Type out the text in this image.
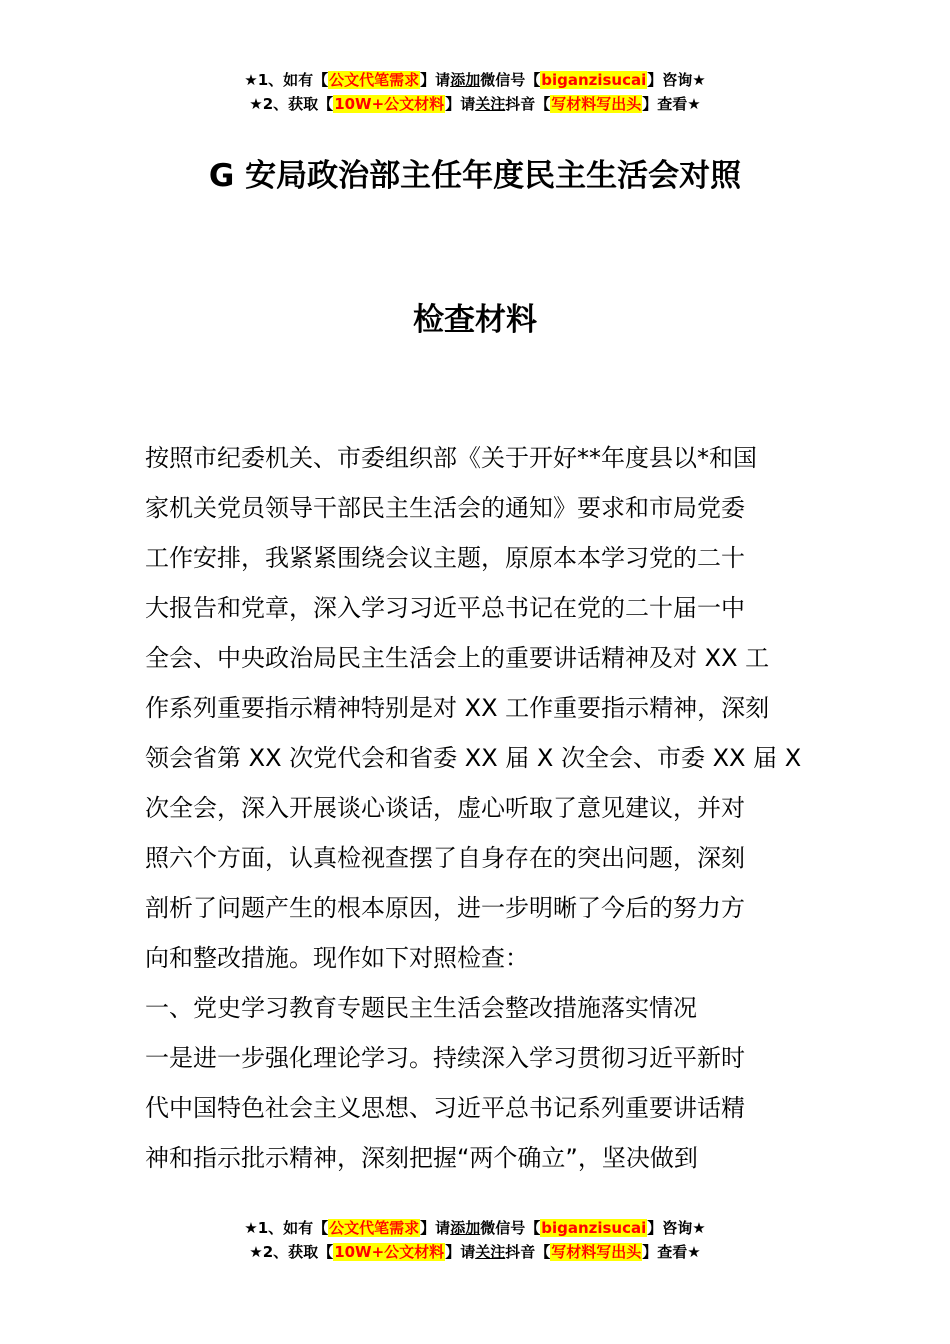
★1、如有【公文代笔需求】请添加微信号【biganzisucai】咨询★
★2、获取【10W+公文材料】请关注抖音【写材料写出头】查看★
G 安局政治部主任年度民主生活会对照
检查材料

按照市纪委机关、市委组织部《关于开好**年度县以*和国

家机关党员领导干部民主生活会的通知》要求和市局党委

工作安排，我紧紧围绕会议主题，原原本本学习党的二十

大报告和党章，深入学习习近平总书记在党的二十届一中

全会、中央政治局民主生活会上的重要讲话精神及对 XX 工

作系列重要指示精神特别是对 XX 工作重要指示精神，深刻

领会省第 XX 次党代会和省委 XX 届 X 次全会、市委 XX 届 X

次全会，深入开展谈心谈话，虚心听取了意见建议，并对

照六个方面，认真检视查摆了自身存在的突出问题，深刻

剖析了问题产生的根本原因，进一步明晰了今后的努力方

向和整改措施。现作如下对照检查：

一、党史学习教育专题民主生活会整改措施落实情况

一是进一步强化理论学习。持续深入学习贯彻习近平新时

代中国特色社会主义思想、习近平总书记系列重要讲话精

神和指示批示精神，深刻把握“两个确立”，坚决做到

★1、如有【公文代笔需求】请添加微信号【biganzisucai】咨询★
★2、获取【10W+公文材料】请关注抖音【写材料写出头】查看★
